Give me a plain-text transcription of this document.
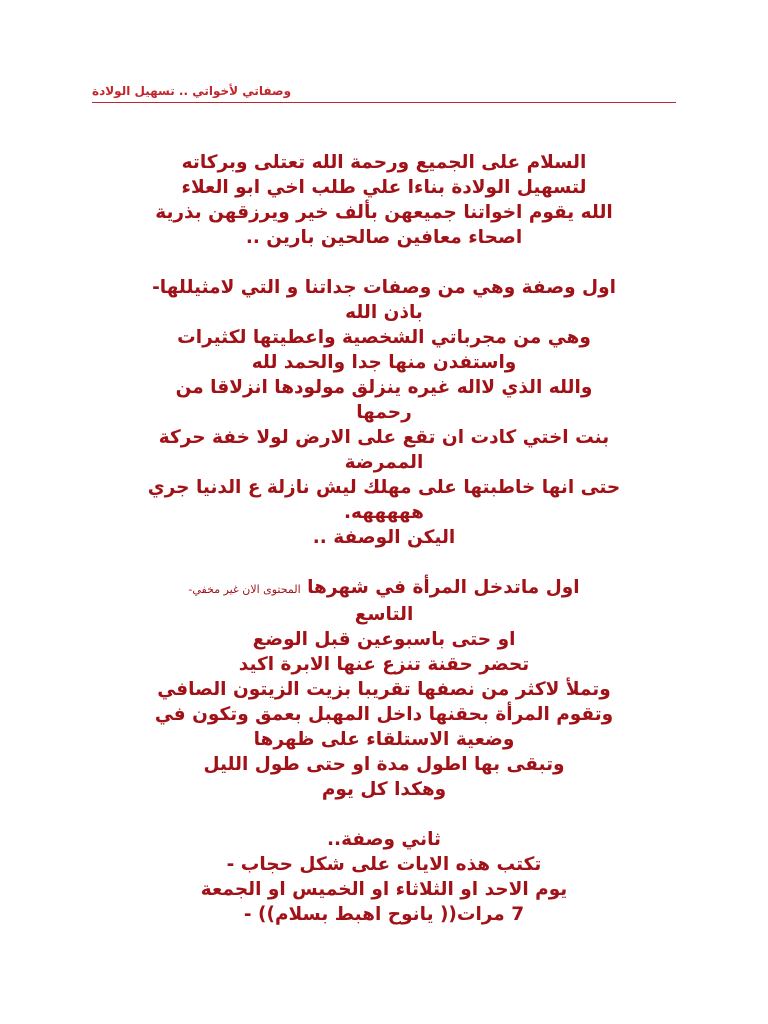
وصفاتي لأخواتي .. تسهيل الولادة
السلام على الجميع ورحمة الله تعتلى وبركاته
لتسهيل الولادة بناءا علي طلب اخي ابو العلاء
الله يقوم اخواتنا جميعهن بألف خير ويرزقهن بذرية
اصحاء معافين صالحين بارين ..
اول وصفة وهي من وصفات جداتنا و التي لامثيللها-
باذن الله
وهي من مجرباتي الشخصية واعطيتها لكثيرات
واستفدن منها جدا والحمد لله
والله الذي لااله غيره ينزلق مولودها انزلاقا من
رحمها
بنت اختي كادت ان تقع على الارض لولا خفة حركة
الممرضة
حتى انها خاطبتها على مهلك ليش نازلة ع الدنيا جري
هههههه.
اليكن الوصفة ..
اول ماتدخل المرأة في شهرها المحتوى الان غير مخفي-
التاسع
او حتى باسبوعين قبل الوضع
تحضر حقنة تنزع عنها الابرة اكيد
وتملأ لاكثر من نصفها تقريبا بزيت الزيتون الصافي
وتقوم المرأة بحقنها داخل المهبل بعمق وتكون في
وضعية الاستلقاء على ظهرها
وتبقى بها اطول مدة او حتى طول الليل
وهكدا كل يوم
ثاني وصفة..
تكتب هذه الايات على شكل حجاب -
يوم الاحد او الثلاثاء او الخميس او الجمعة
7 مرات(( يانوح اهبط بسلام)) -
